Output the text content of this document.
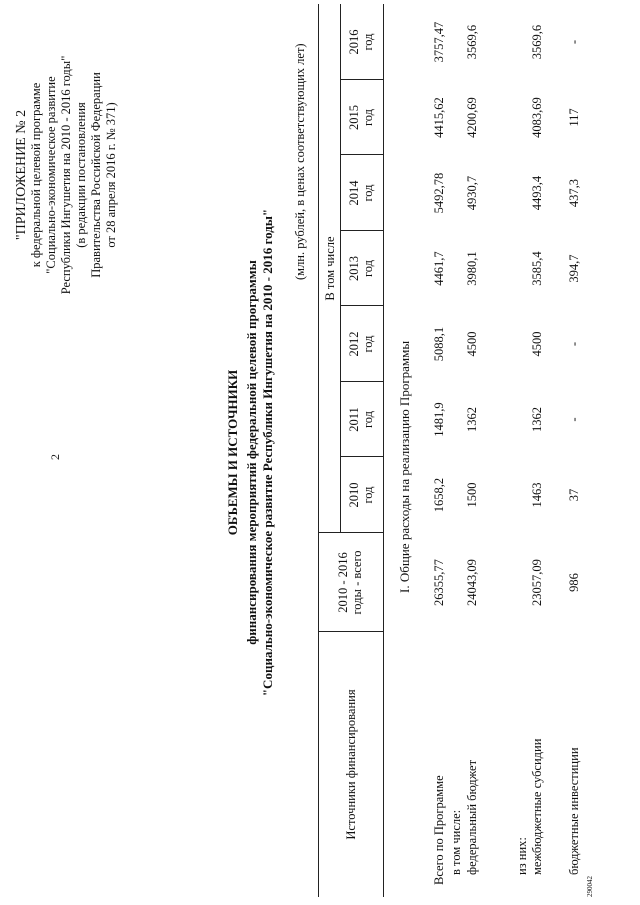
2
"ПРИЛОЖЕНИЕ № 2 к федеральной целевой программе "Социально-экономическое развитие Республики Ингушетия на 2010 - 2016 годы" (в редакции постановления Правительства Российской Федерации от 28 апреля 2016 г. № 371)
ОБЪЕМЫ И ИСТОЧНИКИ финансирования мероприятий федеральной целевой программы "Социально-экономическое развитие Республики Ингушетия на 2010 - 2016 годы"
(млн. рублей, в ценах соответствующих лет)
Источники финансирования
2010 - 2016 годы - всего
В том числе
2010 год
2011 год
2012 год
2013 год
2014 год
2015 год
2016 год
I. Общие расходы на реализацию Программы
Всего по Программе
26355,77
1658,2
1481,9
5088,1
4461,7
5492,78
4415,62
3757,47
в том числе: федеральный бюджет
24043,09
1500
1362
4500
3980,1
4930,7
4200,69
3569,6
из них: межбюджетные субсидии
23057,09
1463
1362
4500
3585,4
4493,4
4083,69
3569,6
бюджетные инвестиции
986
37
-
-
394,7
437,3
117
-
290042
